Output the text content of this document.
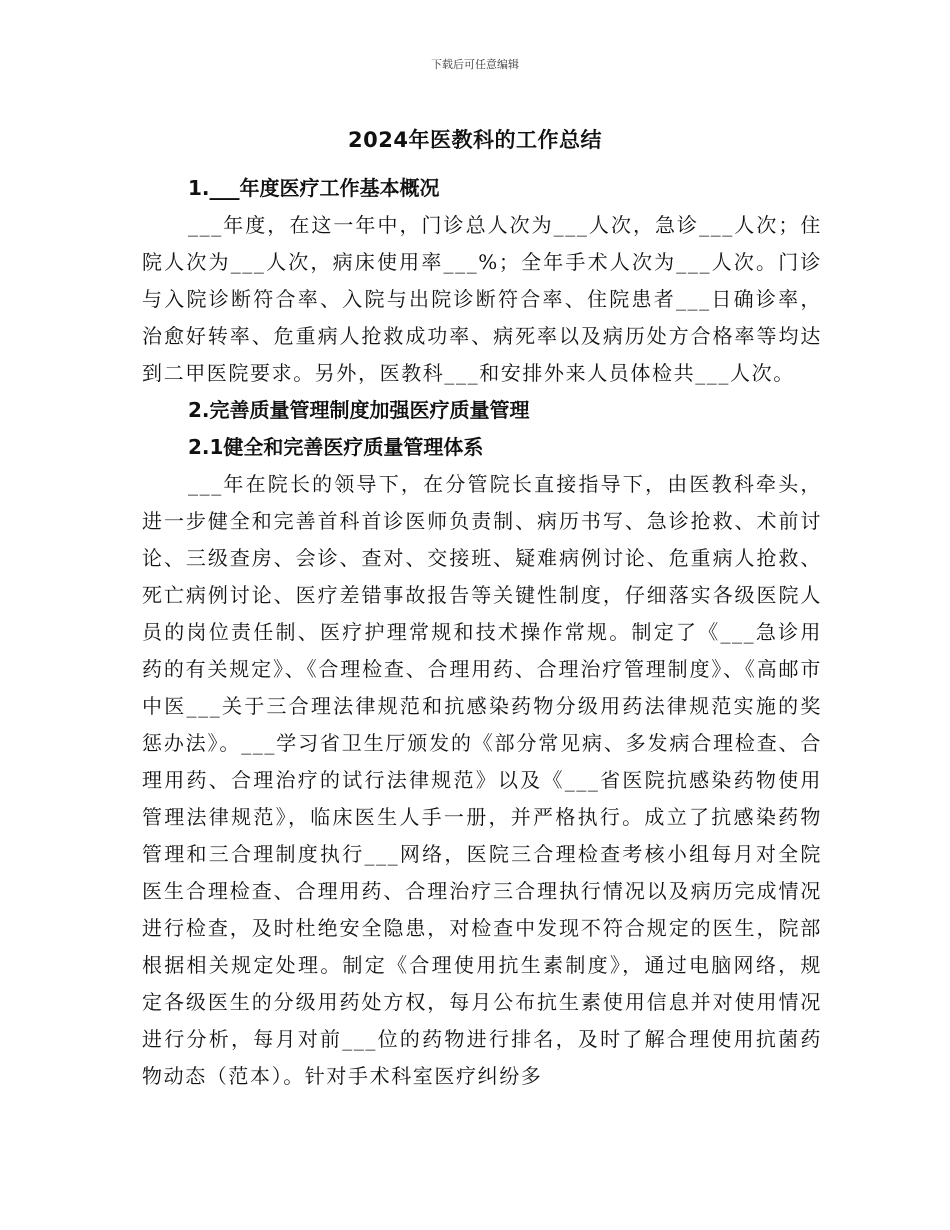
下载后可任意编辑
2024年医教科的工作总结

1.___年度医疗工作基本概况

___年度，在这一年中，门诊总人次为___人次，急诊___人次；住院人次为___人次，病床使用率___%；全年手术人次为___人次。门诊与入院诊断符合率、入院与出院诊断符合率、住院患者___日确诊率，治愈好转率、危重病人抢救成功率、病死率以及病历处方合格率等均达到二甲医院要求。另外，医教科___和安排外来人员体检共___人次。

2.完善质量管理制度加强医疗质量管理

2.1健全和完善医疗质量管理体系

___年在院长的领导下，在分管院长直接指导下，由医教科牵头，进一步健全和完善首科首诊医师负责制、病历书写、急诊抢救、术前讨论、三级查房、会诊、查对、交接班、疑难病例讨论、危重病人抢救、死亡病例讨论、医疗差错事故报告等关键性制度，仔细落实各级医院人员的岗位责任制、医疗护理常规和技术操作常规。制定了《___急诊用药的有关规定》、《合理检查、合理用药、合理治疗管理制度》、《高邮市中医___关于三合理法律规范和抗感染药物分级用药法律规范实施的奖惩办法》。___学习省卫生厅颁发的《部分常见病、多发病合理检查、合理用药、合理治疗的试行法律规范》以及《___省医院抗感染药物使用管理法律规范》，临床医生人手一册，并严格执行。成立了抗感染药物管理和三合理制度执行___网络，医院三合理检查考核小组每月对全院医生合理检查、合理用药、合理治疗三合理执行情况以及病历完成情况进行检查，及时杜绝安全隐患，对检查中发现不符合规定的医生，院部根据相关规定处理。制定《合理使用抗生素制度》，通过电脑网络，规定各级医生的分级用药处方权，每月公布抗生素使用信息并对使用情况进行分析，每月对前___位的药物进行排名，及时了解合理使用抗菌药物动态（范本）。针对手术科室医疗纠纷多
